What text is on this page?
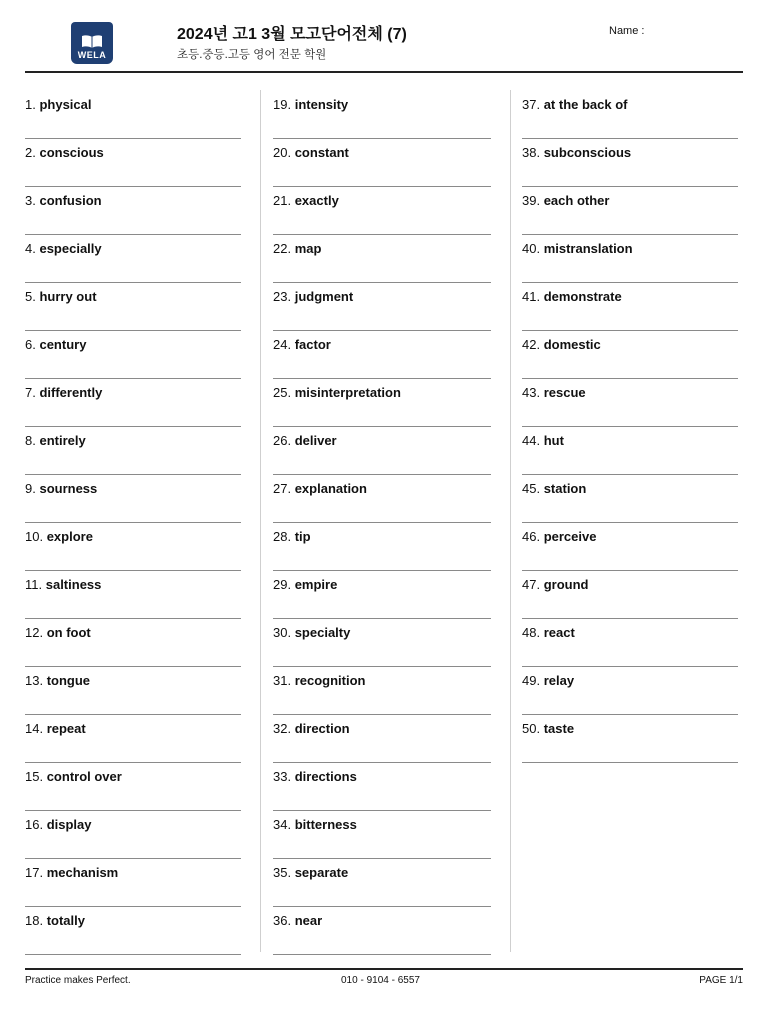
WELA
2024년 고1 3월 모고단어전체 (7)
초등.중등.고등 영어 전문 학원
Name :
1. physical
2. conscious
3. confusion
4. especially
5. hurry out
6. century
7. differently
8. entirely
9. sourness
10. explore
11. saltiness
12. on foot
13. tongue
14. repeat
15. control over
16. display
17. mechanism
18. totally
19. intensity
20. constant
21. exactly
22. map
23. judgment
24. factor
25. misinterpretation
26. deliver
27. explanation
28. tip
29. empire
30. specialty
31. recognition
32. direction
33. directions
34. bitterness
35. separate
36. near
37. at the back of
38. subconscious
39. each other
40. mistranslation
41. demonstrate
42. domestic
43. rescue
44. hut
45. station
46. perceive
47. ground
48. react
49. relay
50. taste
Practice makes Perfect.	010 - 9104 - 6557	PAGE 1/1
